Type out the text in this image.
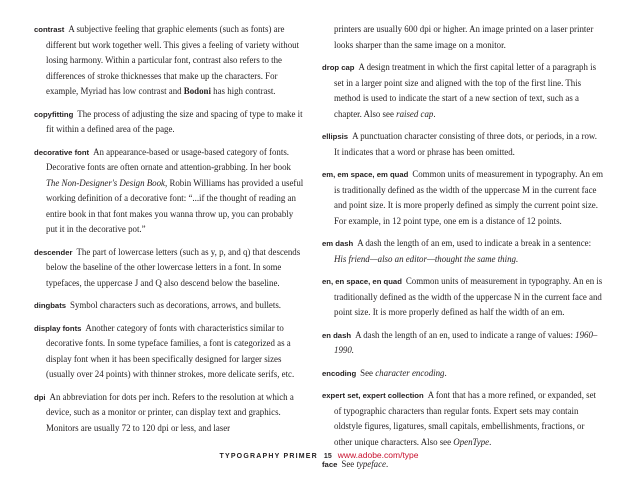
contrast A subjective feeling that graphic elements (such as fonts) are different but work together well. This gives a feeling of variety without losing harmony. Within a particular font, contrast also refers to the differences of stroke thicknesses that make up the characters. For example, Myriad has low contrast and Bodoni has high contrast.

copyfitting The process of adjusting the size and spacing of type to make it fit within a defined area of the page.

decorative font An appearance-based or usage-based category of fonts. Decorative fonts are often ornate and attention-grabbing. In her book The Non-Designer's Design Book, Robin Williams has provided a useful working definition of a decorative font: “...if the thought of reading an entire book in that font makes you wanna throw up, you can probably put it in the decorative pot.”

descender The part of lowercase letters (such as y, p, and q) that descends below the baseline of the other lowercase letters in a font. In some typefaces, the uppercase J and Q also descend below the baseline.

dingbats Symbol characters such as decorations, arrows, and bullets.

display fonts Another category of fonts with characteristics similar to decorative fonts. In some typeface families, a font is categorized as a display font when it has been specifically designed for larger sizes (usually over 24 points) with thinner strokes, more delicate serifs, etc.

dpi An abbreviation for dots per inch. Refers to the resolution at which a device, such as a monitor or printer, can display text and graphics. Monitors are usually 72 to 120 dpi or less, and laser

printers are usually 600 dpi or higher. An image printed on a laser printer looks sharper than the same image on a monitor.

drop cap A design treatment in which the first capital letter of a paragraph is set in a larger point size and aligned with the top of the first line. This method is used to indicate the start of a new section of text, such as a chapter. Also see raised cap.

ellipsis A punctuation character consisting of three dots, or periods, in a row. It indicates that a word or phrase has been omitted.

em, em space, em quad Common units of measurement in typography. An em is traditionally defined as the width of the uppercase M in the current face and point size. It is more properly defined as simply the current point size. For example, in 12 point type, one em is a distance of 12 points.

em dash A dash the length of an em, used to indicate a break in a sentence: His friend—also an editor—thought the same thing.

en, en space, en quad Common units of measurement in typography. An en is traditionally defined as the width of the uppercase N in the current face and point size. It is more properly defined as half the width of an em.

en dash A dash the length of an en, used to indicate a range of values: 1960–1990.

encoding See character encoding.

expert set, expert collection A font that has a more refined, or expanded, set of typographic characters than regular fonts. Expert sets may contain oldstyle figures, ligatures, small capitals, embellishments, fractions, or other unique characters. Also see OpenType.

face See typeface.

TYPOGRAPHY PRIMER 15 www.adobe.com/type
